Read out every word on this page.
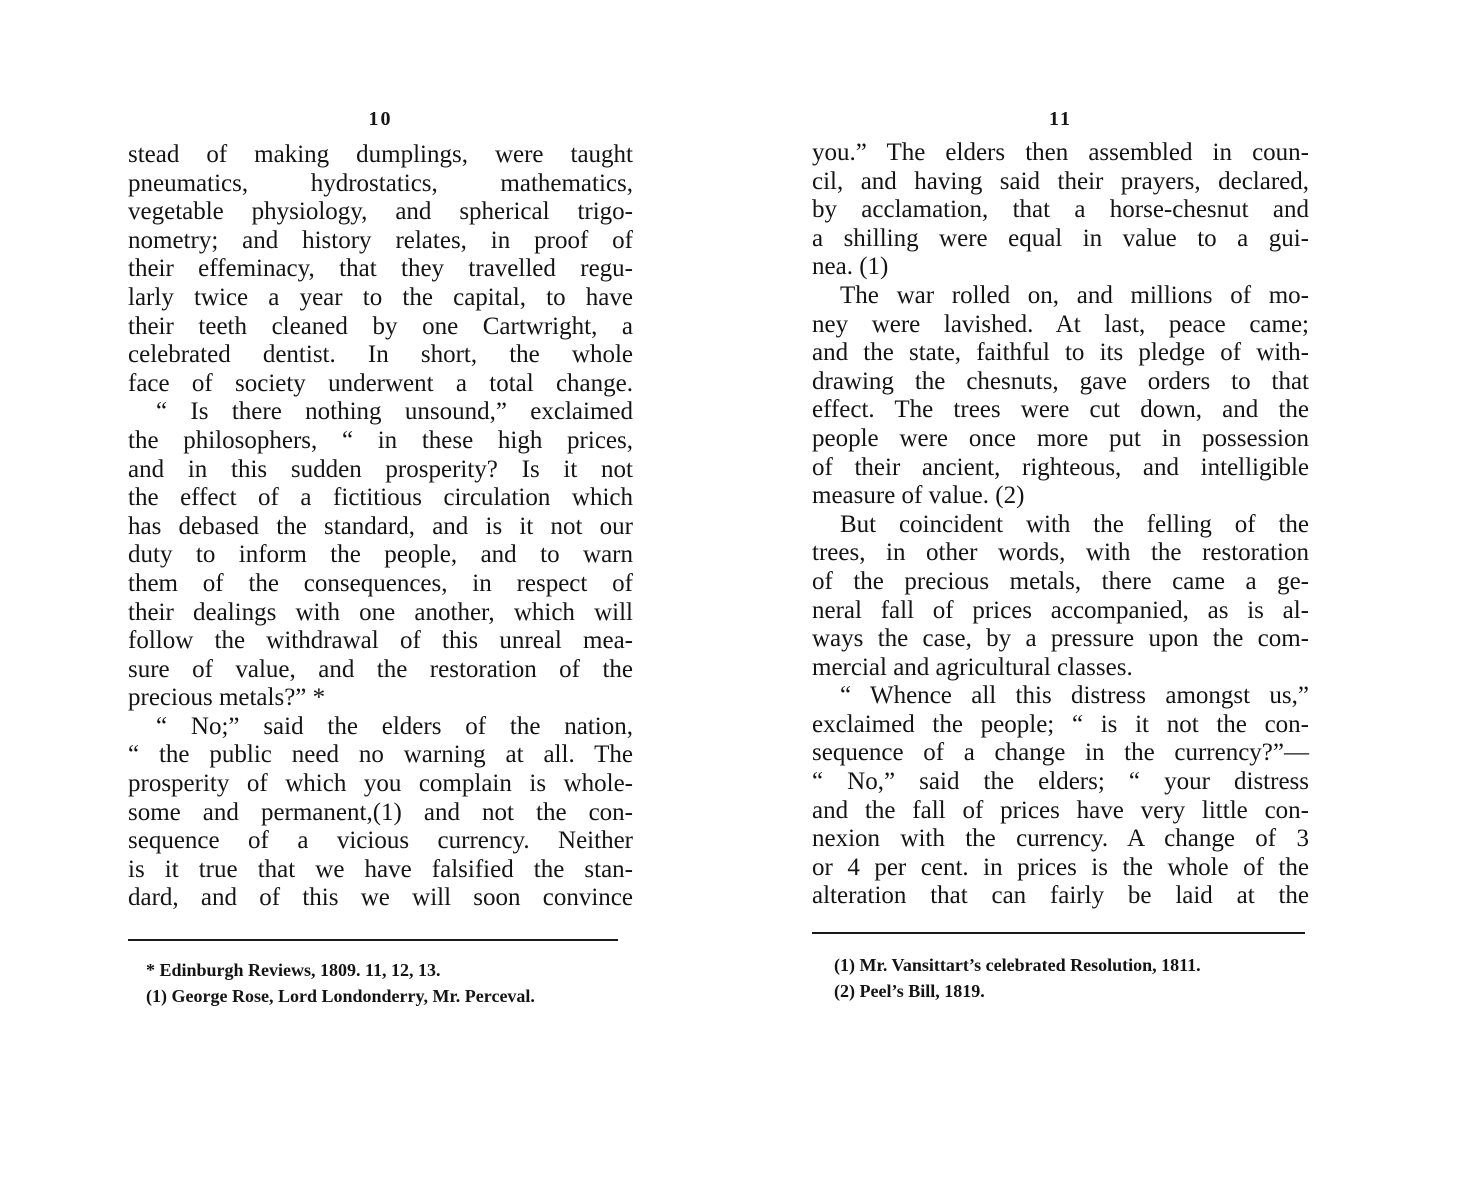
10
stead of making dumplings, were taught
pneumatics, hydrostatics, mathematics,
vegetable physiology, and spherical trigo-
nometry; and history relates, in proof of
their effeminacy, that they travelled regu-
larly twice a year to the capital, to have
their teeth cleaned by one Cartwright, a
celebrated dentist. In short, the whole
face of society underwent a total change.
“ Is there nothing unsound,” exclaimed
the philosophers, “ in these high prices,
and in this sudden prosperity? Is it not
the effect of a fictitious circulation which
has debased the standard, and is it not our
duty to inform the people, and to warn
them of the consequences, in respect of
their dealings with one another, which will
follow the withdrawal of this unreal mea-
sure of value, and the restoration of the
precious metals?” *
“ No;” said the elders of the nation,
“ the public need no warning at all. The
prosperity of which you complain is whole-
some and permanent,(1) and not the con-
sequence of a vicious currency. Neither
is it true that we have falsified the stan-
dard, and of this we will soon convince
* Edinburgh Reviews, 1809. 11, 12, 13.
(1) George Rose, Lord Londonderry, Mr. Perceval.
11
you.” The elders then assembled in coun-
cil, and having said their prayers, declared,
by acclamation, that a horse-chesnut and
a shilling were equal in value to a gui-
nea. (1)
The war rolled on, and millions of mo-
ney were lavished. At last, peace came;
and the state, faithful to its pledge of with-
drawing the chesnuts, gave orders to that
effect. The trees were cut down, and the
people were once more put in possession
of their ancient, righteous, and intelligible
measure of value. (2)
But coincident with the felling of the
trees, in other words, with the restoration
of the precious metals, there came a ge-
neral fall of prices accompanied, as is al-
ways the case, by a pressure upon the com-
mercial and agricultural classes.
“ Whence all this distress amongst us,”
exclaimed the people; “ is it not the con-
sequence of a change in the currency?”—
“ No,” said the elders; “ your distress
and the fall of prices have very little con-
nexion with the currency. A change of 3
or 4 per cent. in prices is the whole of the
alteration that can fairly be laid at the
(1) Mr. Vansittart’s celebrated Resolution, 1811.
(2) Peel’s Bill, 1819.
